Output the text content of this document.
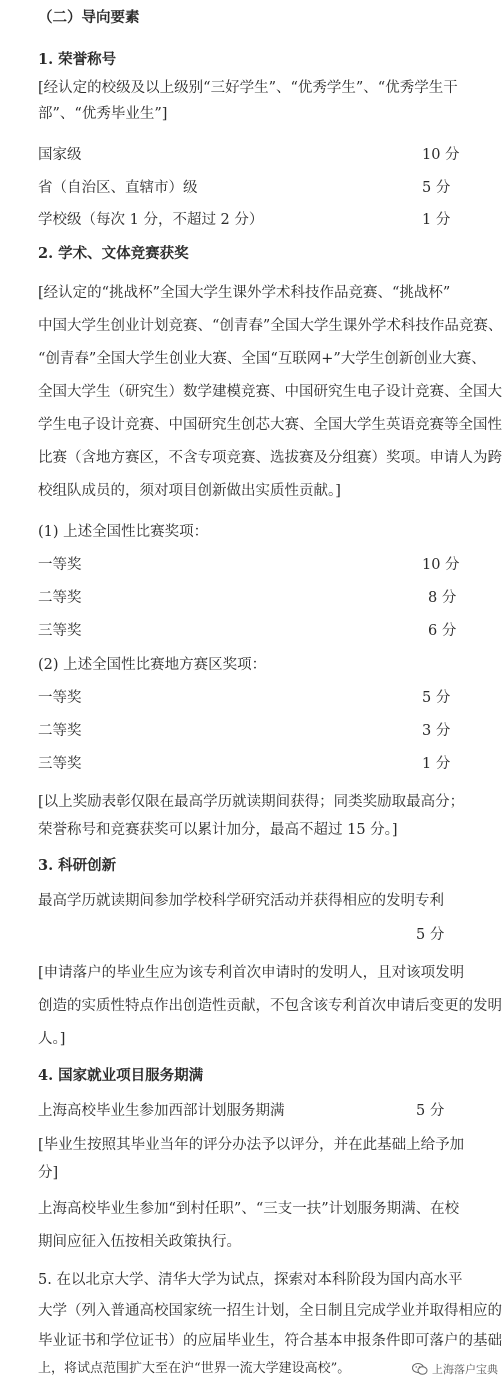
（二）导向要素
1. 荣誉称号
[经认定的校级及以上级别“三好学生”、“优秀学生”、“优秀学生干
部”、“优秀毕业生”]
国家级	10 分
省（自治区、直辖市）级	5 分
学校级（每次 1 分，不超过 2 分）	1 分
2. 学术、文体竞赛获奖
[经认定的“挑战杯”全国大学生课外学术科技作品竞赛、“挑战杯”
中国大学生创业计划竞赛、“创青春”全国大学生课外学术科技作品竞赛、
“创青春”全国大学生创业大赛、全国“互联网+”大学生创新创业大赛、
全国大学生（研究生）数学建模竞赛、中国研究生电子设计竞赛、全国大
学生电子设计竞赛、中国研究生创芯大赛、全国大学生英语竞赛等全国性
比赛（含地方赛区，不含专项竞赛、选拔赛及分组赛）奖项。申请人为跨
校组队成员的，须对项目创新做出实质性贡献。]
(1) 上述全国性比赛奖项：
一等奖	10 分
二等奖	8 分
三等奖	6 分
(2) 上述全国性比赛地方赛区奖项：
一等奖	5 分
二等奖	3 分
三等奖	1 分
[以上奖励表彰仅限在最高学历就读期间获得；同类奖励取最高分；
荣誉称号和竞赛获奖可以累计加分，最高不超过 15 分。]
3. 科研创新
最高学历就读期间参加学校科学研究活动并获得相应的发明专利
5 分
[申请落户的毕业生应为该专利首次申请时的发明人，且对该项发明
创造的实质性特点作出创造性贡献，不包含该专利首次申请后变更的发明
人。]
4. 国家就业项目服务期满
上海高校毕业生参加西部计划服务期满	5 分
[毕业生按照其毕业当年的评分办法予以评分，并在此基础上给予加
分]
上海高校毕业生参加“到村任职”、“三支一扶”计划服务期满、在校
期间应征入伍按相关政策执行。
5. 在以北京大学、清华大学为试点，探索对本科阶段为国内高水平
大学（列入普通高校国家统一招生计划，全日制且完成学业并取得相应的
毕业证书和学位证书）的应届毕业生，符合基本申报条件即可落户的基础
上，将试点范围扩大至在沪“世界一流大学建设高校”。	上海落户宝典
